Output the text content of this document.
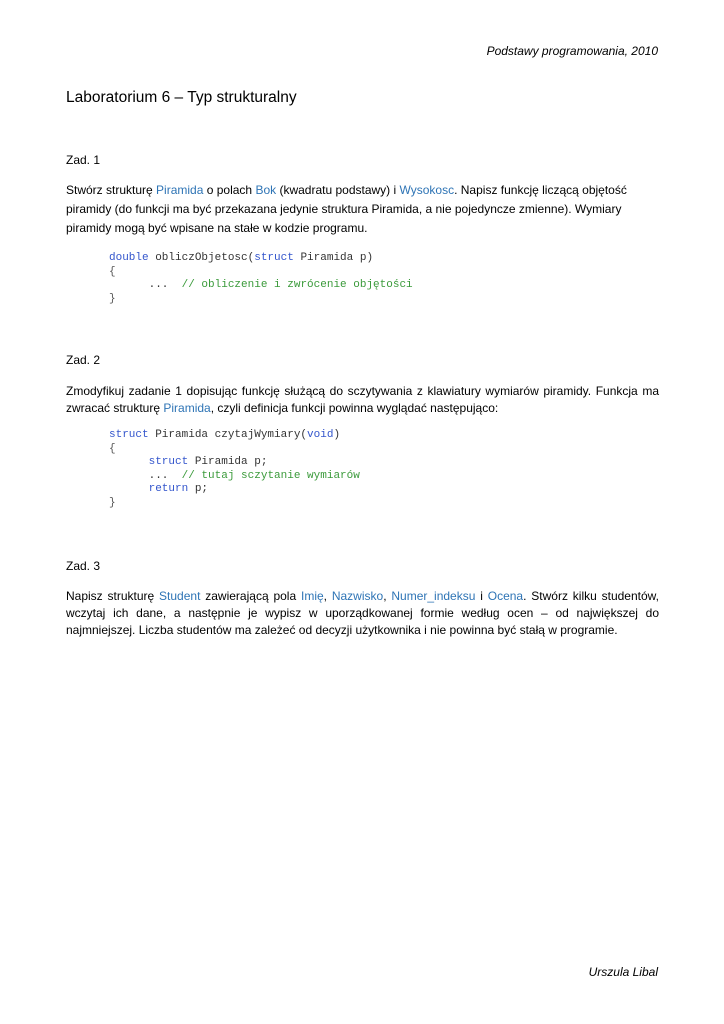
Podstawy programowania, 2010
Laboratorium 6 – Typ strukturalny
Zad. 1
Stwórz strukturę Piramida o polach Bok (kwadratu podstawy) i Wysokosc. Napisz funkcję liczącą objętość piramidy (do funkcji ma być przekazana jedynie struktura Piramida, a nie pojedyncze zmienne). Wymiary piramidy mogą być wpisane na stałe w kodzie programu.
double obliczObjetosc(struct Piramida p)
{
...  // obliczenie i zwrócenie objętości
}
Zad. 2
Zmodyfikuj zadanie 1 dopisując funkcję służącą do sczytywania z klawiatury wymiarów piramidy. Funkcja ma zwracać strukturę Piramida, czyli definicja funkcji powinna wyglądać następująco:
struct Piramida czytajWymiary(void)
{
struct Piramida p;
...  // tutaj sczytanie wymiarów
return p;
}
Zad. 3
Napisz strukturę Student zawierającą pola Imię, Nazwisko, Numer_indeksu i Ocena. Stwórz kilku studentów, wczytaj ich dane, a następnie je wypisz w uporządkowanej formie według ocen – od największej do najmniejszej. Liczba studentów ma zależeć od decyzji użytkownika i nie powinna być stałą w programie.
Urszula Libal
